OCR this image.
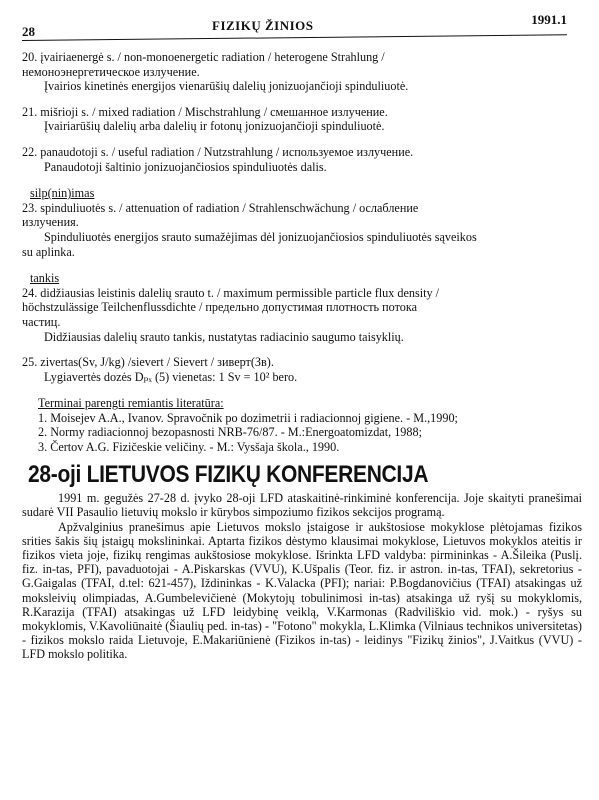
28	FIZIKŲ ŽINIOS	1991.1
20. įvairiaenergė s. / non-monoenergetic radiation / heterogene Strahlung /
немоноэнергетическое излучение.
Įvairios kinetinės energijos vienarūšių dalelių jonizuojančioji spinduliuotė.
21. mišrioji s. / mixed radiation / Mischstrahlung / смешанное излучение.
Įvairiarūšių dalelių arba dalelių ir fotonų jonizuojančioji spinduliuotė.
22. panaudotoji s. / useful radiation / Nutzstrahlung / используемое излучение.
Panaudotoji šaltinio jonizuojančiosios spinduliuotės dalis.
silp(nin)imas
23. spinduliuotės s. / attenuation of radiation / Strahlenschwächung / ослабление
излучения.
Spinduliuotės energijos srauto sumažėjimas dėl jonizuojančiosios spinduliuotės sąveikos
su aplinka.
tankis
24. didžiausias leistinis dalelių srauto t. / maximum permissible particle flux density /
höchstzulässige Teilchenflussdichte / предельно допустимая плотность потока
частиц.
Didžiausias dalelių srauto tankis, nustatytas radiacinio saugumo taisyklių.
25. zivertas(Sv, J/kg) /sievert / Sievert / зиверт(Зв).
Lygiavertės dozės Dₚₓ (5) vienetas: 1 Sv = 10² bero.
Terminai parengti remiantis literatūra:
1. Moisejev A.A., Ivanov. Spravočnik po dozimetrii i radiacionnoj gigiene. - M.,1990;
2. Normy radiacionnoj bezopasnosti NRB-76/87. - M.:Energoatomizdat, 1988;
3. Čertov A.G. Fizičeskie veličiny. - M.: Vysšaja škola., 1990.
28-oji LIETUVOS FIZIKŲ KONFERENCIJA

1991 m. gegužės 27-28 d. įvyko 28-oji LFD ataskaitinė-rinkiminė konferencija. Joje skaityti pranešimai sudarė VII Pasaulio lietuvių mokslo ir kūrybos simpoziumo fizikos sekcijos programą.

Apžvalginius pranešimus apie Lietuvos mokslo įstaigose ir aukštosiose mokyklose plėtojamas fizikos srities šakis šių įstaigų mokslininkai. Aptarta fizikos dėstymo klausimai mokyklose, Lietuvos mokyklos ateitis ir fizikos vieta joje, fizikų rengimas aukštosiose mokyklose. Išrinkta LFD valdyba: pirmininkas - A.Šileika (Puslį. fiz. in-tas, PFI), pavaduotojai - A.Piskarskas (VVU), K.Ušpalis (Teor. fiz. ir astron. in-tas, TFAI), sekretorius - G.Gaigalas (TFAI, d.tel: 621-457), Iždininkas - K.Valacka (PFI); nariai: P.Bogdanovičius (TFAI) atsakingas už moksleivių olimpiadas, A.Gumbelevičienė (Mokytojų tobulinimosi in-tas) atsakinga už ryšį su mokyklomis, R.Karazija (TFAI) atsakingas už LFD leidybinę veiklą, V.Karmonas (Radviliškio vid. mok.) - ryšys su mokyklomis, V.Kavoliūnaitė (Šiaulių ped. in-tas) - "Fotono" mokykla, L.Klimka (Vilniaus technikos universitetas) - fizikos mokslo raida Lietuvoje, E.Makariūnienė (Fizikos in-tas) - leidinys "Fizikų žinios", J.Vaitkus (VVU) - LFD mokslo politika.
